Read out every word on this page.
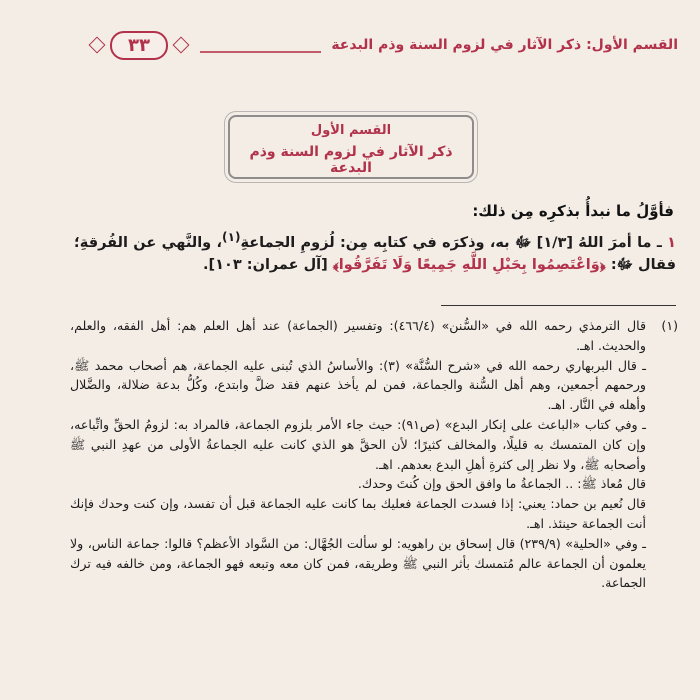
القسم الأول: ذكر الآثار في لزوم السنة وذم البدعة
٣٣
القسم الأول
ذكر الآثار في لزوم السنة وذم البدعة
فأوَّلُ ما نبدأُ بذكرِه مِن ذلك:

١ ـ ما أمرَ اللهُ [١/٣] ﷻ به، وذكرَه في كتابِه مِن: لُزومِ الجماعةِ$^{(١)}$، والنَّهي عن الفُرقةِ؛ فقال ﷻ: ﴿وَاعْتَصِمُوا بِحَبْلِ اللَّهِ جَمِيعًا وَلَا تَفَرَّقُوا﴾ [آل عمران: ١٠٣].

(١)

قال الترمذي رحمه الله في «السُّنن» (٤٦٦/٤): وتفسير (الجماعة) عند أهل العلم هم: أهل الفقه، والعلم، والحديث. اهـ.

ـ قال البربهاري رحمه الله في «شرح السُّنَّة» (٣): والأساسُ الذي تُبنى عليه الجماعة، هم أصحاب محمد ﷺ، ورحمهم أجمعين، وهم أهل السُّنة والجماعة، فمن لم يأخذ عنهم فقد ضلَّ وابتدع، وكُلُّ بدعة ضلالة، والضَّلال وأهله في النَّار. اهـ.

ـ وفي كتاب «الباعث على إنكار البدع» (ص٩١): حيث جاء الأمر بلزوم الجماعة، فالمراد به: لزومُ الحقِّ واتِّباعه، وإن كان المتمسك به قليلًا، والمخالف كثيرًا؛ لأن الحقَّ هو الذي كانت عليه الجماعةُ الأولى من عهدِ النبي ﷺ وأصحابه ﷺ، ولا نظر إلى كثرةِ أهلِ البدع بعدهم. اهـ.

قال مُعاذ ﷺ: .. الجماعةُ ما وافق الحق وإن كُنتَ وحدك.

قال نُعيم بن حماد: يعني: إذا فسدت الجماعة فعليك بما كانت عليه الجماعة قبل أن تفسد، وإن كنت وحدك فإنك أنت الجماعة حينئذ. اهـ.

ـ وفي «الحلية» (٢٣٩/٩) قال إسحاق بن راهويه: لو سألت الجُهَّال: من السَّواد الأعظم؟ قالوا: جماعة الناس، ولا يعلمون أن الجماعة عالم مُتمسك بأثر النبي ﷺ وطريقه، فمن كان معه وتبعه فهو الجماعة، ومن خالفه فيه ترك الجماعة.
